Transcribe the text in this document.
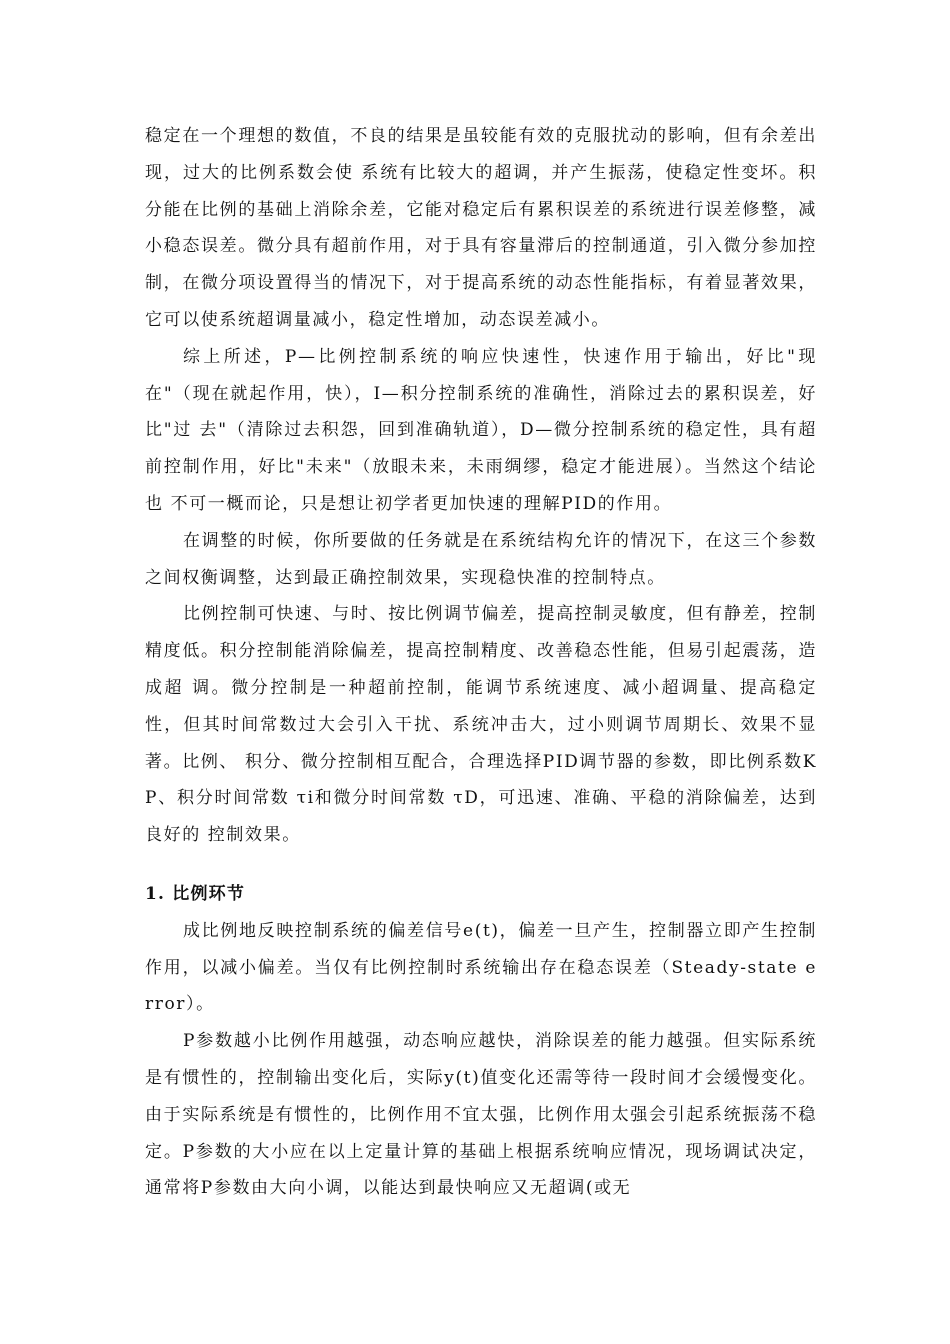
稳定在一个理想的数值，不良的结果是虽较能有效的克服扰动的影响，但有余差出现，过大的比例系数会使 系统有比较大的超调，并产生振荡，使稳定性变坏。积分能在比例的基础上消除余差，它能对稳定后有累积误差的系统进行误差修整，减小稳态误差。微分具有超前作用，对于具有容量滞后的控制通道，引入微分参加控制，在微分项设置得当的情况下，对于提高系统的动态性能指标，有着显著效果，它可以使系统超调量减小，稳定性增加，动态误差减小。

综上所述，P—比例控制系统的响应快速性，快速作用于输出，好比"现在"（现在就起作用，快），I—积分控制系统的准确性，消除过去的累积误差，好比"过 去"（清除过去积怨，回到准确轨道），D—微分控制系统的稳定性，具有超前控制作用，好比"未来"（放眼未来，未雨绸缪，稳定才能进展）。当然这个结论也 不可一概而论，只是想让初学者更加快速的理解PID的作用。

在调整的时候，你所要做的任务就是在系统结构允许的情况下，在这三个参数之间权衡调整，达到最正确控制效果，实现稳快准的控制特点。

比例控制可快速、与时、按比例调节偏差，提高控制灵敏度，但有静差，控制精度低。积分控制能消除偏差，提高控制精度、改善稳态性能，但易引起震荡，造成超 调。微分控制是一种超前控制，能调节系统速度、减小超调量、提高稳定性，但其时间常数过大会引入干扰、系统冲击大，过小则调节周期长、效果不显著。比例、 积分、微分控制相互配合，合理选择PID调节器的参数，即比例系数KP、积分时间常数 τi和微分时间常数 τD，可迅速、准确、平稳的消除偏差，达到良好的 控制效果。

1. 比例环节

成比例地反映控制系统的偏差信号e(t)，偏差一旦产生，控制器立即产生控制作用，以减小偏差。当仅有比例控制时系统输出存在稳态误差（Steady-state error）。

P参数越小比例作用越强，动态响应越快，消除误差的能力越强。但实际系统是有惯性的，控制输出变化后，实际y(t)值变化还需等待一段时间才会缓慢变化。 由于实际系统是有惯性的，比例作用不宜太强，比例作用太强会引起系统振荡不稳定。P参数的大小应在以上定量计算的基础上根据系统响应情况，现场调试决定， 通常将P参数由大向小调，以能达到最快响应又无超调(或无
